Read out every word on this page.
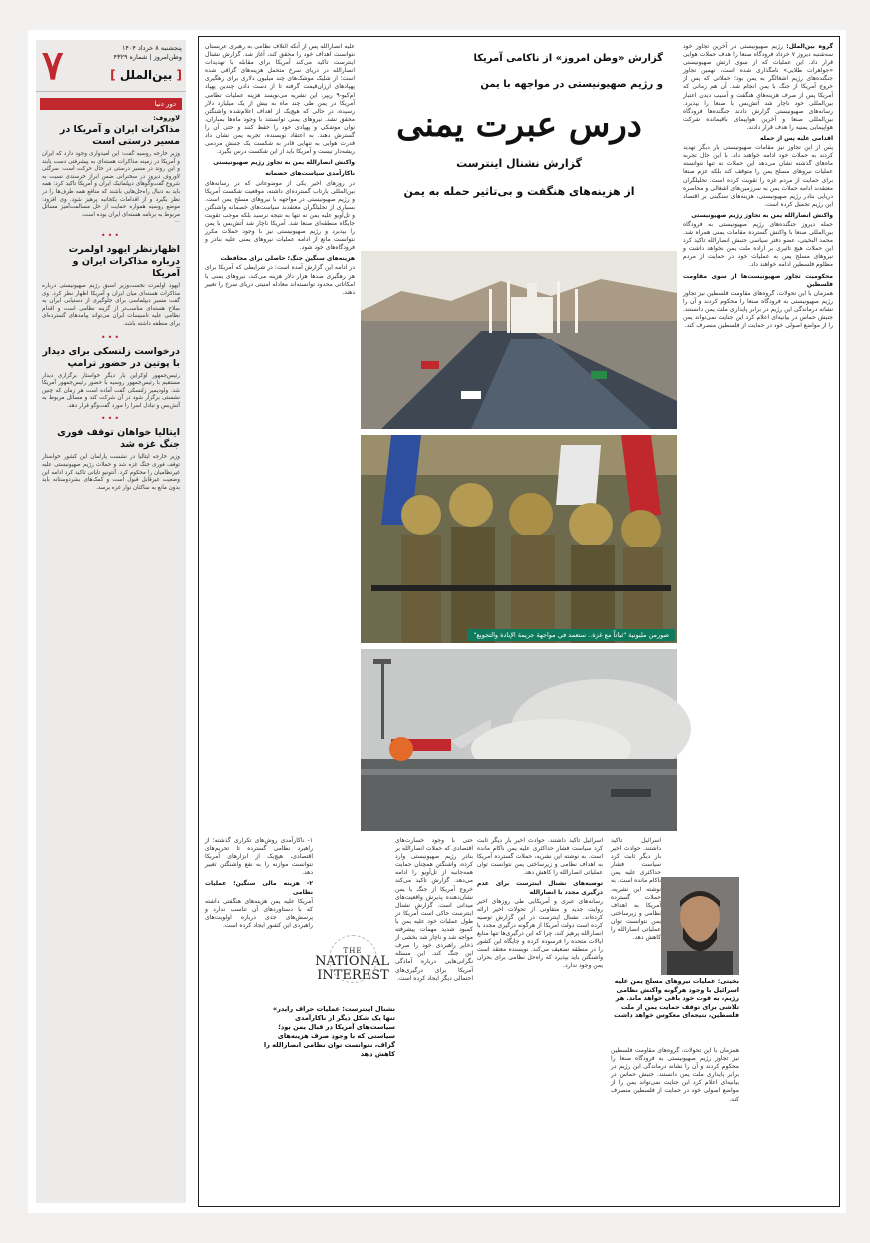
۷	پنجشنبه ۸ خرداد ۱۴۰۴
وطن‌امروز | شماره ۴۳۲۹
[ بین‌الملل ]
دور دنیا
لاوروف:
مذاکرات ایران و آمریکا در مسیر درستی است
وزیر خارجه روسیه گفت: این امیدواری وجود دارد که ایران و آمریکا در زمینه مذاکرات هسته‌ای به پیشرفتی دست یابند و این روند در مسیر درستی در حال حرکت است. سرگئی لاوروف دیروز در سخنرانی ضمن ابراز خرسندی نسبت به شروع گفت‌وگوهای دیپلماتیک ایران و آمریکا تاکید کرد: همه باید به دنبال راه‌حل‌هایی باشند که منافع همه طرف‌ها را در نظر بگیرد و از اقدامات یکجانبه پرهیز شود. وی افزود: موضع روسیه همواره حمایت از حل مسالمت‌آمیز مسائل مربوط به برنامه هسته‌ای ایران بوده است.
—
•••
اظهارنظر ایهود اولمرت درباره مذاکرات ایران و آمریکا
ایهود اولمرت نخست‌وزیر اسبق رژیم صهیونیستی درباره مذاکرات هسته‌ای میان ایران و آمریکا اظهار نظر کرد. وی گفت مسیر دیپلماسی برای جلوگیری از دستیابی ایران به سلاح هسته‌ای مناسب‌تر از گزینه نظامی است و اقدام نظامی علیه تاسیسات ایران می‌تواند پیامدهای گسترده‌ای برای منطقه داشته باشد.
•••
درخواست زلنسکی برای دیدار با پوتین در حضور ترامپ
رئیس‌جمهور اوکراین بار دیگر خواستار برگزاری دیدار مستقیم با رئیس‌جمهور روسیه با حضور رئیس‌جمهور آمریکا شد. ولودیمیر زلنسکی گفت آماده است هر زمان که چنین نشستی برگزار شود در آن شرکت کند و مسائل مربوط به آتش‌بس و تبادل اسرا را مورد گفت‌وگو قرار دهد.
•••
ایتالیا خواهان توقف فوری جنگ غزه شد
وزیر خارجه ایتالیا در نشست پارلمان این کشور خواستار توقف فوری جنگ غزه شد و حملات رژیم صهیونیستی علیه غیرنظامیان را محکوم کرد. آنتونیو تایانی تاکید کرد ادامه این وضعیت غیرقابل قبول است و کمک‌های بشردوستانه باید بدون مانع به ساکنان نوار غزه برسد.
گروه بین‌الملل: رژیم صهیونیستی در آخرین تجاوز خود سه‌شنبه دیروز ۷ خرداد فرودگاه صنعا را هدف حملات هوایی قرار داد. این عملیات که از سوی ارتش صهیونیستی «جواهرات طلایی» نامگذاری شده است، نهمین تجاوز جنگنده‌های رژیم اشغالگر به یمن بود؛ حملاتی که پس از خروج آمریکا از جنگ با یمن انجام شد. آن هم زمانی که آمریکا پس از صرف هزینه‌های هنگفت و آسیب دیدن اعتبار بین‌المللی خود ناچار شد آتش‌بس با صنعا را بپذیرد. رسانه‌های صهیونیستی گزارش دادند جنگنده‌ها فرودگاه بین‌المللی صنعا و آخرین هواپیمای باقیمانده شرکت هواپیمایی یمنیه را هدف قرار دادند.
اقدامی علیه پس از حمله
پس از این تجاوز نیز مقامات صهیونیستی بار دیگر تهدید کردند به حملات خود ادامه خواهند داد. با این حال تجربه ماه‌های گذشته نشان می‌دهد این حملات نه تنها نتوانسته عملیات نیروهای مسلح یمن را متوقف کند بلکه عزم صنعا برای حمایت از مردم غزه را تقویت کرده است. تحلیلگران معتقدند ادامه حملات یمن به سرزمین‌های اشغالی و محاصره دریایی بنادر رژیم صهیونیستی، هزینه‌های سنگینی بر اقتصاد این رژیم تحمیل کرده است.
واکنش انصارالله یمن به تجاوز رژیم صهیونیستی
حمله دیروز جنگنده‌های رژیم صهیونیستی به فرودگاه بین‌المللی صنعا با واکنش گسترده مقامات یمنی همراه شد. محمد البخیتی، عضو دفتر سیاسی جنبش انصارالله تاکید کرد این حملات هیچ تاثیری بر اراده ملت یمن نخواهد داشت و نیروهای مسلح یمن به عملیات خود در حمایت از مردم مظلوم فلسطین ادامه خواهند داد.
محکومیت تجاوز صهیونیست‌ها از سوی مقاومت فلسطین
همزمان با این تحولات، گروه‌های مقاومت فلسطین نیز تجاوز رژیم صهیونیستی به فرودگاه صنعا را محکوم کردند و آن را نشانه درماندگی این رژیم در برابر پایداری ملت یمن دانستند. جنبش حماس در بیانیه‌ای اعلام کرد این جنایت نمی‌تواند یمن را از مواضع اصولی خود در حمایت از فلسطین منصرف کند.
گزارش «وطن امروز» از ناکامی آمریکا
و رژیم صهیونیستی در مواجهه با یمن
درس عبرت یمنی
گزارش نشنال اینترست
از هزینه‌های هنگفت و بی‌تاثیر حمله به یمن
صورمن مليونية "ثباتاً مع غزة.. ستعمد في مواجهة جريمة الإبادة والتجويع"
علیه انصارالله پس از آنکه ائتلاف نظامی به رهبری عربستان نتوانست اهداف خود را محقق کند، آغاز شد. گزارش نشنال اینترست تاکید می‌کند آمریکا برای مقابله با تهدیدات انصارالله در دریای سرخ متحمل هزینه‌های گزافی شده است؛ از شلیک موشک‌های چند میلیون دلاری برای رهگیری پهپادهای ارزان‌قیمت گرفته تا از دست دادن چندین پهپاد ام‌کیو-۹ ریپر. این نشریه می‌نویسد هزینه عملیات نظامی آمریکا در یمن طی چند ماه به بیش از یک میلیارد دلار رسیده، در حالی که هیچ‌یک از اهداف اعلام‌شده واشنگتن محقق نشد. نیروهای یمنی توانستند با وجود ماه‌ها بمباران، توان موشکی و پهپادی خود را حفظ کنند و حتی آن را گسترش دهند. به اعتقاد نویسنده، تجربه یمن نشان داد قدرت هوایی به تنهایی قادر به شکست یک جنبش مردمی ریشه‌دار نیست و آمریکا باید از این شکست درس بگیرد.
واکنش انصارالله یمن به تجاوز رژیم صهیونیستی
ناکارآمدی سیاست‌های خصمانه
در روزهای اخیر یکی از موضوعاتی که در رسانه‌های بین‌المللی بارتاب گسترده‌ای داشته، موقعیت شکست آمریکا و رژیم صهیونیستی در مواجهه با نیروهای مسلح یمن است. بسیاری از تحلیلگران معتقدند سیاست‌های خصمانه واشنگتن و تل‌آویو علیه یمن نه تنها به نتیجه نرسید بلکه موجب تقویت جایگاه منطقه‌ای صنعا شد. آمریکا ناچار شد آتش‌بس با یمن را بپذیرد و رژیم صهیونیستی نیز با وجود حملات مکرر نتوانست مانع از ادامه عملیات نیروهای یمنی علیه بنادر و فرودگاه‌های خود شود.
هزینه‌های سنگین جنگ؛ حاصلی برای محافظت
در ادامه این گزارش آمده است: در شرایطی که آمریکا برای هر رهگیری صدها هزار دلار هزینه می‌کند، نیروهای یمنی با امکاناتی محدود توانسته‌اند معادله امنیتی دریای سرخ را تغییر دهند.
اسرائیل تاکید داشتند. حوادث اخیر بار دیگر ثابت کرد سیاست فشار حداکثری علیه یمن ناکام مانده است. به نوشته این نشریه، حملات گسترده آمریکا به اهداف نظامی و زیرساختی یمن نتوانست توان عملیاتی انصارالله را کاهش دهد.
بخیتی: عملیات نیروهای مسلح یمن علیه اسرائیل با وجود هرگونه واکنش نظامی رژیم، به قوت خود باقی خواهد ماند. هر تلاشی برای توقف حمایت یمن از ملت فلسطین، نتیجه‌ای معکوس خواهد داشت
اسرائیل تاکید داشتند. حوادث اخیر بار دیگر ثابت کرد سیاست فشار حداکثری علیه یمن ناکام مانده است. به نوشته این نشریه، حملات گسترده آمریکا به اهداف نظامی و زیرساختی یمن نتوانست توان عملیاتی انصارالله را کاهش دهد.
توصیه‌های نشنال اینترست برای عدم درگیری مجدد با انصارالله
رسانه‌های عبری و آمریکایی طی روزهای اخیر روایت جدید و متفاوتی از تحولات اخیر ارائه کرده‌اند. نشنال اینترست در این گزارش توصیه کرده است دولت آمریکا از هرگونه درگیری مجدد با انصارالله پرهیز کند، چرا که این درگیری‌ها تنها منابع ایالات متحده را فرسوده کرده و جایگاه این کشور را در منطقه تضعیف می‌کند. نویسنده معتقد است واشنگتن باید بپذیرد که راه‌حل نظامی برای بحران یمن وجود ندارد.
حتی با وجود خسارت‌های اقتصادی که حملات انصارالله بر بنادر رژیم صهیونیستی وارد کرده، واشنگتن همچنان حمایت همه‌جانبه از تل‌آویو را ادامه می‌دهد. گزارش تاکید می‌کند خروج آمریکا از جنگ با یمن نشان‌دهنده پذیرش واقعیت‌های میدانی است. گزارش نشنال اینترست حاکی است آمریکا در طول عملیات خود علیه یمن با کمبود شدید مهمات پیشرفته مواجه شد و ناچار شد بخشی از ذخایر راهبردی خود را صرف این جنگ کند. این مسئله نگرانی‌هایی درباره آمادگی آمریکا برای درگیری‌های احتمالی دیگر ایجاد کرده است.
THE
NATIONAL INTEREST
نشنال اینترست: عملیات حراف رایدر» تنها یک شکل دیگر از ناکارآمدی سیاست‌های آمریکا در قبال یمن بود؛ سیاستی که با وجود صرف هزینه‌های گزاف، نتوانست توان نظامی انصارالله را کاهش دهد
۱- ناکارآمدی روش‌های تکراری گذشته؛ از راهبرد نظامی گسترده تا تحریم‌های اقتصادی، هیچ‌یک از ابزارهای آمریکا نتوانست موازنه را به نفع واشنگتن تغییر دهد.
۲- هزینه مالی سنگین؛ عملیات نظامی
آمریکا علیه یمن هزینه‌های هنگفتی داشته که با دستاوردهای آن تناسب ندارد و پرسش‌های جدی درباره اولویت‌های راهبردی این کشور ایجاد کرده است.
همزمان با این تحولات، گروه‌های مقاومت فلسطین نیز تجاوز رژیم صهیونیستی به فرودگاه صنعا را محکوم کردند و آن را نشانه درماندگی این رژیم در برابر پایداری ملت یمن دانستند. جنبش حماس در بیانیه‌ای اعلام کرد این جنایت نمی‌تواند یمن را از مواضع اصولی خود در حمایت از فلسطین منصرف کند.
